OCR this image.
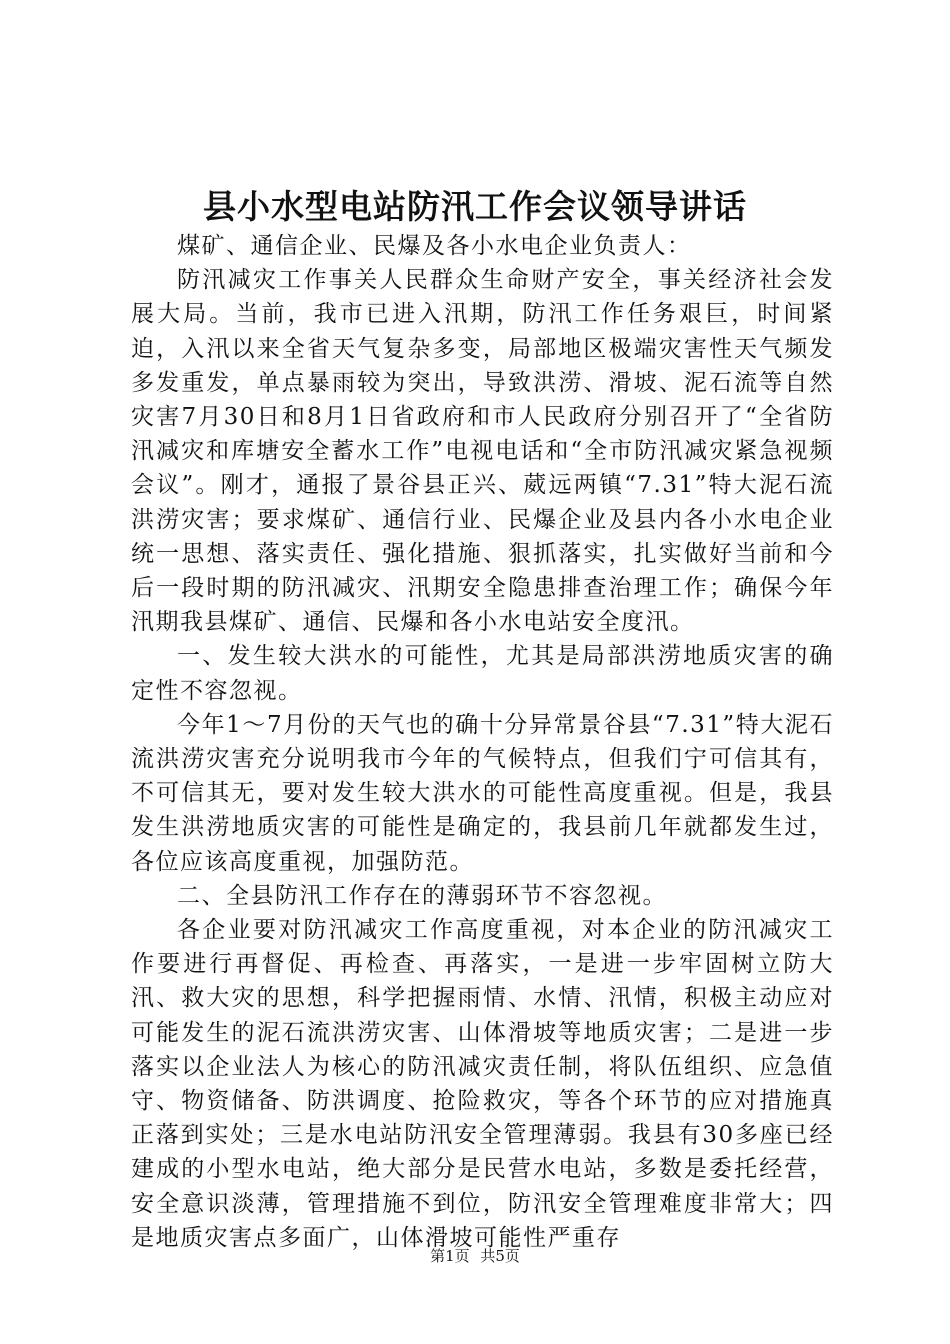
县小水型电站防汛工作会议领导讲话

煤矿、通信企业、民爆及各小水电企业负责人：

防汛减灾工作事关人民群众生命财产安全，事关经济社会发展大局。当前，我市已进入汛期，防汛工作任务艰巨，时间紧迫，入汛以来全省天气复杂多变，局部地区极端灾害性天气频发多发重发，单点暴雨较为突出，导致洪涝、滑坡、泥石流等自然灾害7月30日和8月1日省政府和市人民政府分别召开了“全省防汛减灾和库塘安全蓄水工作”电视电话和“全市防汛减灾紧急视频会议”。刚才，通报了景谷县正兴、葳远两镇“7.31”特大泥石流洪涝灾害；要求煤矿、通信行业、民爆企业及县内各小水电企业统一思想、落实责任、强化措施、狠抓落实，扎实做好当前和今后一段时期的防汛减灾、汛期安全隐患排查治理工作；确保今年汛期我县煤矿、通信、民爆和各小水电站安全度汛。

一、发生较大洪水的可能性，尤其是局部洪涝地质灾害的确定性不容忽视。

今年1～7月份的天气也的确十分异常景谷县“7.31”特大泥石流洪涝灾害充分说明我市今年的气候特点，但我们宁可信其有，不可信其无，要对发生较大洪水的可能性高度重视。但是，我县发生洪涝地质灾害的可能性是确定的，我县前几年就都发生过，各位应该高度重视，加强防范。

二、全县防汛工作存在的薄弱环节不容忽视。

各企业要对防汛减灾工作高度重视，对本企业的防汛减灾工作要进行再督促、再检查、再落实，一是进一步牢固树立防大汛、救大灾的思想，科学把握雨情、水情、汛情，积极主动应对可能发生的泥石流洪涝灾害、山体滑坡等地质灾害；二是进一步落实以企业法人为核心的防汛减灾责任制，将队伍组织、应急值守、物资储备、防洪调度、抢险救灾，等各个环节的应对措施真正落到实处；三是水电站防汛安全管理薄弱。我县有30多座已经建成的小型水电站，绝大部分是民营水电站，多数是委托经营，安全意识淡薄，管理措施不到位，防汛安全管理难度非常大；四是地质灾害点多面广，山体滑坡可能性严重存

第1页 共5页
